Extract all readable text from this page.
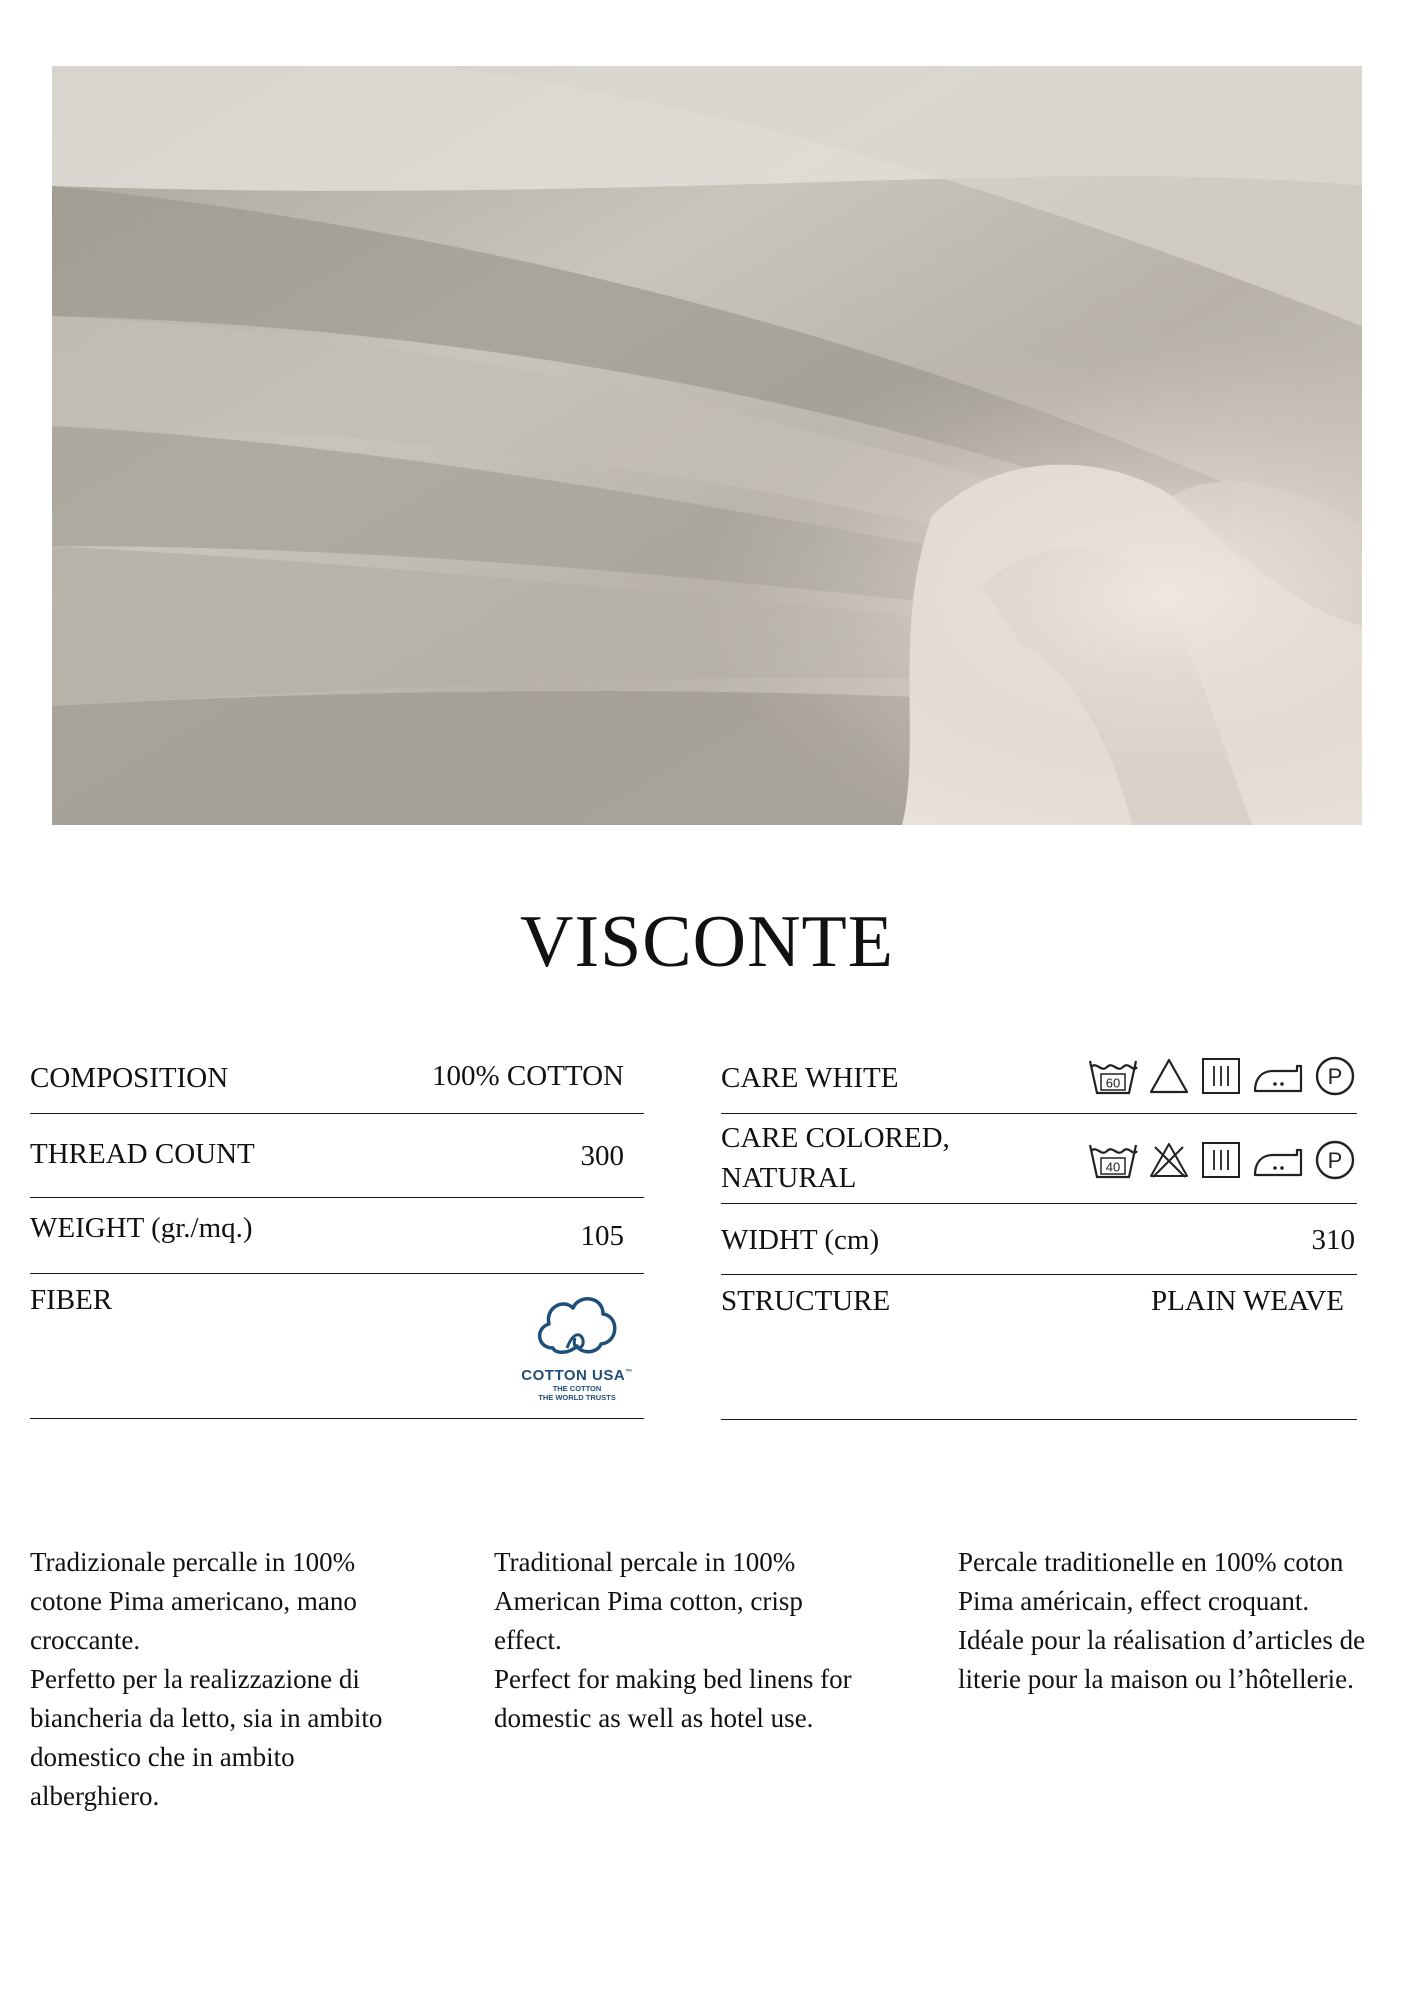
VISCONTE
COMPOSITION	100% COTTON
THREAD COUNT	300
WEIGHT (gr./mq.)	105
FIBER
COTTON USA™
THE COTTON
THE WORLD TRUSTS
CARE WHITE	60	P
CARE COLORED,
NATURAL	40	P
WIDHT (cm)	310
STRUCTURE	PLAIN WEAVE

Tradizionale percalle in 100% cotone Pima americano, mano croccante.

Perfetto per la realizzazione di biancheria da letto, sia in ambito domestico che in ambito alberghiero.

Traditional percale in 100% American Pima cotton, crisp effect.

Perfect for making bed linens for domestic as well as hotel use.

Percale traditionelle en 100% coton Pima américain, effect croquant.

Idéale pour la réalisation d’articles de literie pour la maison ou l’hôtellerie.
